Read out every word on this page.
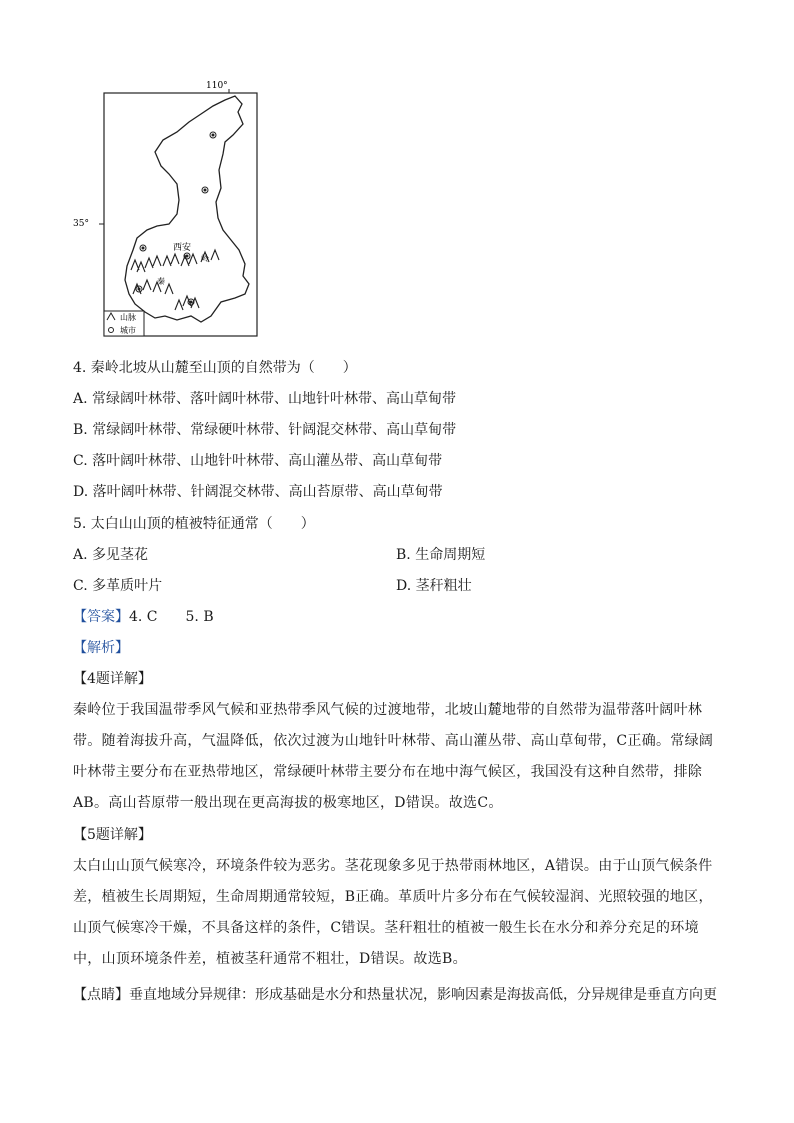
110°
35°
西安
岭
秦
山脉
城市
4. 秦岭北坡从山麓至山顶的自然带为（　　）
A. 常绿阔叶林带、落叶阔叶林带、山地针叶林带、高山草甸带
B. 常绿阔叶林带、常绿硬叶林带、针阔混交林带、高山草甸带
C. 落叶阔叶林带、山地针叶林带、高山灌丛带、高山草甸带
D. 落叶阔叶林带、针阔混交林带、高山苔原带、高山草甸带
5. 太白山山顶的植被特征通常（　　）
A. 多见茎花	B. 生命周期短
C. 多革质叶片	D. 茎秆粗壮
【答案】4. C　　5. B
【解析】
【4题详解】
秦岭位于我国温带季风气候和亚热带季风气候的过渡地带，北坡山麓地带的自然带为温带落叶阔叶林带。随着海拔升高，气温降低，依次过渡为山地针叶林带、高山灌丛带、高山草甸带，C正确。常绿阔叶林带主要分布在亚热带地区，常绿硬叶林带主要分布在地中海气候区，我国没有这种自然带，排除AB。高山苔原带一般出现在更高海拔的极寒地区，D错误。故选C。
【5题详解】
太白山山顶气候寒冷，环境条件较为恶劣。茎花现象多见于热带雨林地区，A错误。由于山顶气候条件差，植被生长周期短，生命周期通常较短，B正确。革质叶片多分布在气候较湿润、光照较强的地区，山顶气候寒冷干燥，不具备这样的条件，C错误。茎秆粗壮的植被一般生长在水分和养分充足的环境中，山顶环境条件差，植被茎秆通常不粗壮，D错误。故选B。
【点睛】垂直地域分异规律：形成基础是水分和热量状况，影响因素是海拔高低，分异规律是垂直方向更
